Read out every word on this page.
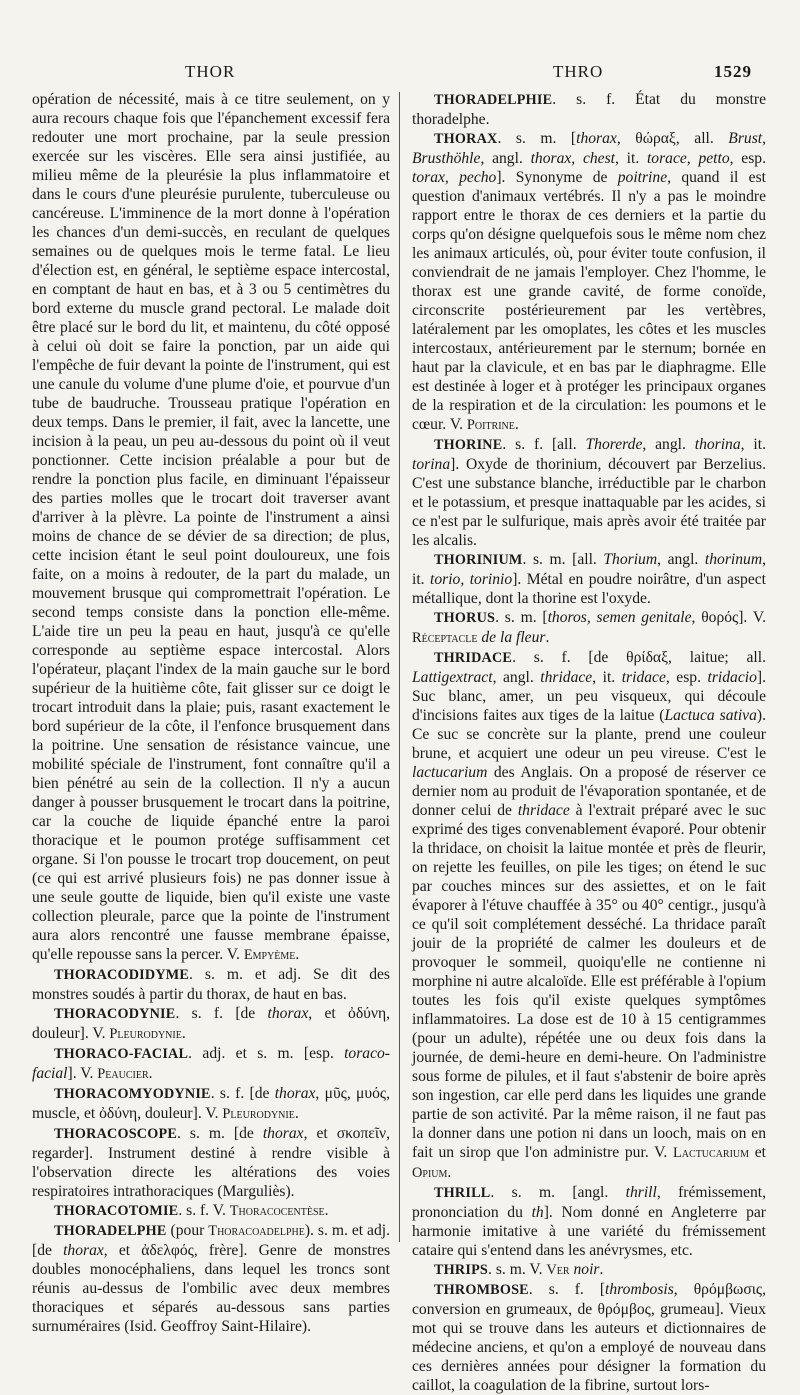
THOR	THRO	1529

opération de nécessité, mais à ce titre seulement, on y aura recours chaque fois que l'épanchement excessif fera redouter une mort prochaine, par la seule pression exercée sur les viscères. Elle sera ainsi justifiée, au milieu même de la pleurésie la plus inflammatoire et dans le cours d'une pleurésie purulente, tuberculeuse ou cancéreuse. L'imminence de la mort donne à l'opération les chances d'un demi-succès, en reculant de quelques semaines ou de quelques mois le terme fatal. Le lieu d'élection est, en général, le septième espace intercostal, en comptant de haut en bas, et à 3 ou 5 centimètres du bord externe du muscle grand pectoral. Le malade doit être placé sur le bord du lit, et maintenu, du côté opposé à celui où doit se faire la ponction, par un aide qui l'empêche de fuir devant la pointe de l'instrument, qui est une canule du volume d'une plume d'oie, et pourvue d'un tube de baudruche. Trousseau pratique l'opération en deux temps. Dans le premier, il fait, avec la lancette, une incision à la peau, un peu au-dessous du point où il veut ponctionner. Cette incision préalable a pour but de rendre la ponction plus facile, en diminuant l'épaisseur des parties molles que le trocart doit traverser avant d'arriver à la plèvre. La pointe de l'instrument a ainsi moins de chance de se dévier de sa direction; de plus, cette incision étant le seul point douloureux, une fois faite, on a moins à redouter, de la part du malade, un mouvement brusque qui compromettrait l'opération. Le second temps consiste dans la ponction elle-même. L'aide tire un peu la peau en haut, jusqu'à ce qu'elle corresponde au septième espace intercostal. Alors l'opérateur, plaçant l'index de la main gauche sur le bord supérieur de la huitième côte, fait glisser sur ce doigt le trocart introduit dans la plaie; puis, rasant exactement le bord supérieur de la côte, il l'enfonce brusquement dans la poitrine. Une sensation de résistance vaincue, une mobilité spéciale de l'instrument, font connaître qu'il a bien pénétré au sein de la collection. Il n'y a aucun danger à pousser brusquement le trocart dans la poitrine, car la couche de liquide épanché entre la paroi thoracique et le poumon protége suffisamment cet organe. Si l'on pousse le trocart trop doucement, on peut (ce qui est arrivé plusieurs fois) ne pas donner issue à une seule goutte de liquide, bien qu'il existe une vaste collection pleurale, parce que la pointe de l'instrument aura alors rencontré une fausse membrane épaisse, qu'elle repousse sans la percer. V. Empyème.

THORACODIDYME. s. m. et adj. Se dit des monstres soudés à partir du thorax, de haut en bas.

THORACODYNIE. s. f. [de thorax, et ὀδύνη, douleur]. V. Pleurodynie.

THORACO-FACIAL. adj. et s. m. [esp. toraco-facial]. V. Peaucier.

THORACOMYODYNIE. s. f. [de thorax, μῦς, μυός, muscle, et ὀδύνη, douleur]. V. Pleurodynie.

THORACOSCOPE. s. m. [de thorax, et σκοπεῖν, regarder]. Instrument destiné à rendre visible à l'observation directe les altérations des voies respiratoires intrathoraciques (Marguliès).

THORACOTOMIE. s. f. V. Thoracocentèse.

THORADELPHE (pour Thoracoadelphe). s. m. et adj. [de thorax, et ἀδελφός, frère]. Genre de monstres doubles monocéphaliens, dans lequel les troncs sont réunis au-dessus de l'ombilic avec deux membres thoraciques et séparés au-dessous sans parties surnuméraires (Isid. Geoffroy Saint-Hilaire).

THORADELPHIE. s. f. État du monstre thoradelphe.

THORAX. s. m. [thorax, θώραξ, all. Brust, Brusthöhle, angl. thorax, chest, it. torace, petto, esp. torax, pecho]. Synonyme de poitrine, quand il est question d'animaux vertébrés. Il n'y a pas le moindre rapport entre le thorax de ces derniers et la partie du corps qu'on désigne quelquefois sous le même nom chez les animaux articulés, où, pour éviter toute confusion, il conviendrait de ne jamais l'employer. Chez l'homme, le thorax est une grande cavité, de forme conoïde, circonscrite postérieurement par les vertèbres, latéralement par les omoplates, les côtes et les muscles intercostaux, antérieurement par le sternum; bornée en haut par la clavicule, et en bas par le diaphragme. Elle est destinée à loger et à protéger les principaux organes de la respiration et de la circulation: les poumons et le cœur. V. Poitrine.

THORINE. s. f. [all. Thorerde, angl. thorina, it. torina]. Oxyde de thorinium, découvert par Berzelius. C'est une substance blanche, irréductible par le charbon et le potassium, et presque inattaquable par les acides, si ce n'est par le sulfurique, mais après avoir été traitée par les alcalis.

THORINIUM. s. m. [all. Thorium, angl. thorinum, it. torio, torinio]. Métal en poudre noirâtre, d'un aspect métallique, dont la thorine est l'oxyde.

THORUS. s. m. [thoros, semen genitale, θορός]. V. Réceptacle de la fleur.

THRIDACE. s. f. [de θρίδαξ, laitue; all. Lattigextract, angl. thridace, it. tridace, esp. tridacio]. Suc blanc, amer, un peu visqueux, qui découle d'incisions faites aux tiges de la laitue (Lactuca sativa). Ce suc se concrète sur la plante, prend une couleur brune, et acquiert une odeur un peu vireuse. C'est le lactucarium des Anglais. On a proposé de réserver ce dernier nom au produit de l'évaporation spontanée, et de donner celui de thridace à l'extrait préparé avec le suc exprimé des tiges convenablement évaporé. Pour obtenir la thridace, on choisit la laitue montée et près de fleurir, on rejette les feuilles, on pile les tiges; on étend le suc par couches minces sur des assiettes, et on le fait évaporer à l'étuve chauffée à 35° ou 40° centigr., jusqu'à ce qu'il soit complétement desséché. La thridace paraît jouir de la propriété de calmer les douleurs et de provoquer le sommeil, quoiqu'elle ne contienne ni morphine ni autre alcaloïde. Elle est préférable à l'opium toutes les fois qu'il existe quelques symptômes inflammatoires. La dose est de 10 à 15 centigrammes (pour un adulte), répétée une ou deux fois dans la journée, de demi-heure en demi-heure. On l'administre sous forme de pilules, et il faut s'abstenir de boire après son ingestion, car elle perd dans les liquides une grande partie de son activité. Par la même raison, il ne faut pas la donner dans une potion ni dans un looch, mais on en fait un sirop que l'on administre pur. V. Lactucarium et Opium.

THRILL. s. m. [angl. thrill, frémissement, prononciation du th]. Nom donné en Angleterre par harmonie imitative à une variété du frémissement cataire qui s'entend dans les anévrysmes, etc.

THRIPS. s. m. V. Ver noir.

THROMBOSE. s. f. [thrombosis, θρόμβωσις, conversion en grumeaux, de θρόμβος, grumeau]. Vieux mot qui se trouve dans les auteurs et dictionnaires de médecine anciens, et qu'on a employé de nouveau dans ces dernières années pour désigner la formation du caillot, la coagulation de la fibrine, surtout lors-
